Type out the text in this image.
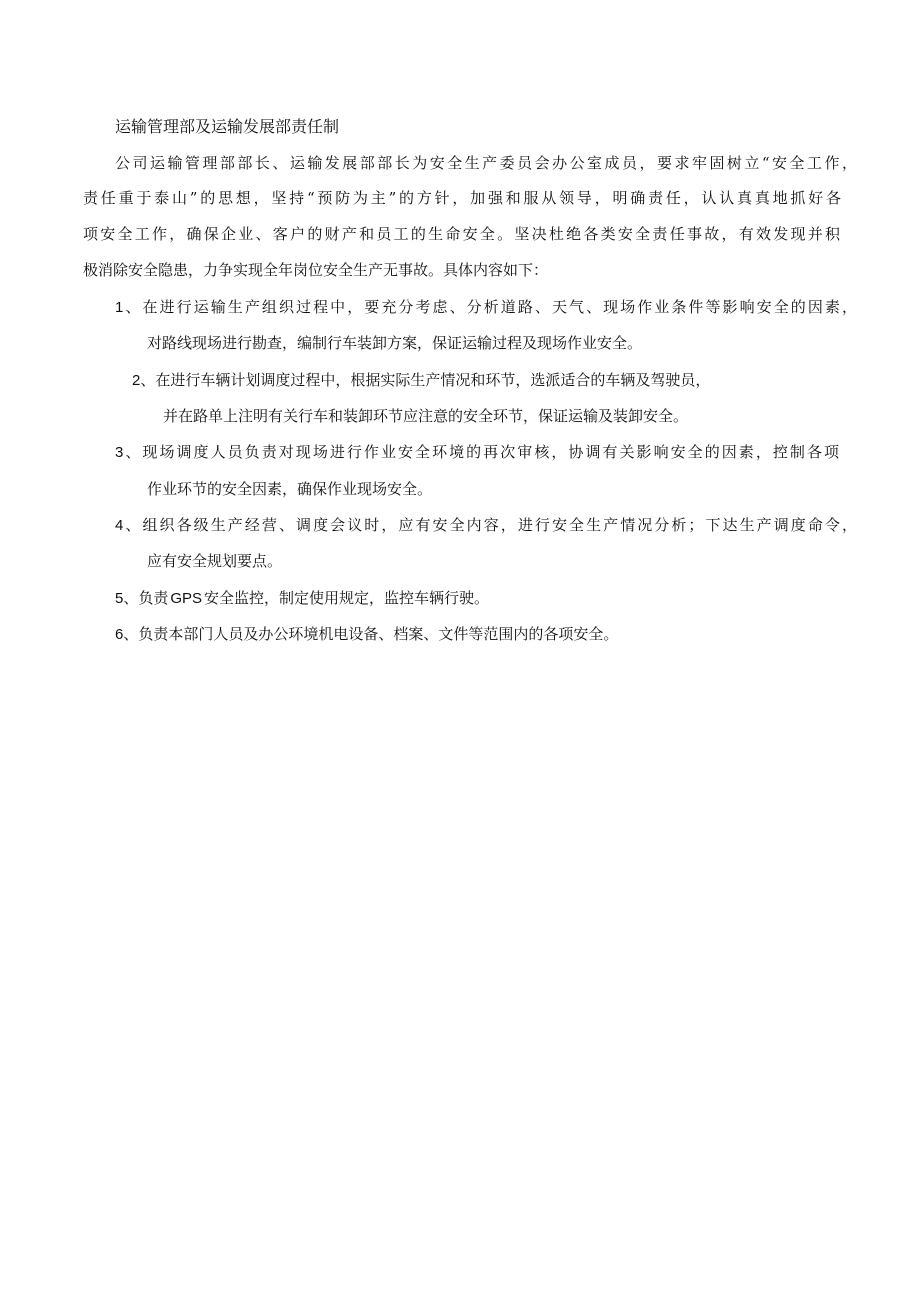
运输管理部及运输发展部责任制
公司运输管理部部长、运输发展部部长为安全生产委员会办公室成员，要求牢固树立“安全工作，
责任重于泰山”的思想，坚持“预防为主”的方针，加强和服从领导，明确责任，认认真真地抓好各
项安全工作，确保企业、客户的财产和员工的生命安全。坚决杜绝各类安全责任事故，有效发现并积
极消除安全隐患，力争实现全年岗位安全生产无事故。具体内容如下：
1、在进行运输生产组织过程中，要充分考虑、分析道路、天气、现场作业条件等影响安全的因素，
对路线现场进行勘查，编制行车装卸方案，保证运输过程及现场作业安全。
2、在进行车辆计划调度过程中，根据实际生产情况和环节，选派适合的车辆及驾驶员，
并在路单上注明有关行车和装卸环节应注意的安全环节，保证运输及装卸安全。
3、现场调度人员负责对现场进行作业安全环境的再次审核，协调有关影响安全的因素，控制各项
作业环节的安全因素，确保作业现场安全。
4、组织各级生产经营、调度会议时，应有安全内容，进行安全生产情况分析；下达生产调度命令，
应有安全规划要点。
5、负责 GPS 安全监控，制定使用规定，监控车辆行驶。
6、负责本部门人员及办公环境机电设备、档案、文件等范围内的各项安全。
